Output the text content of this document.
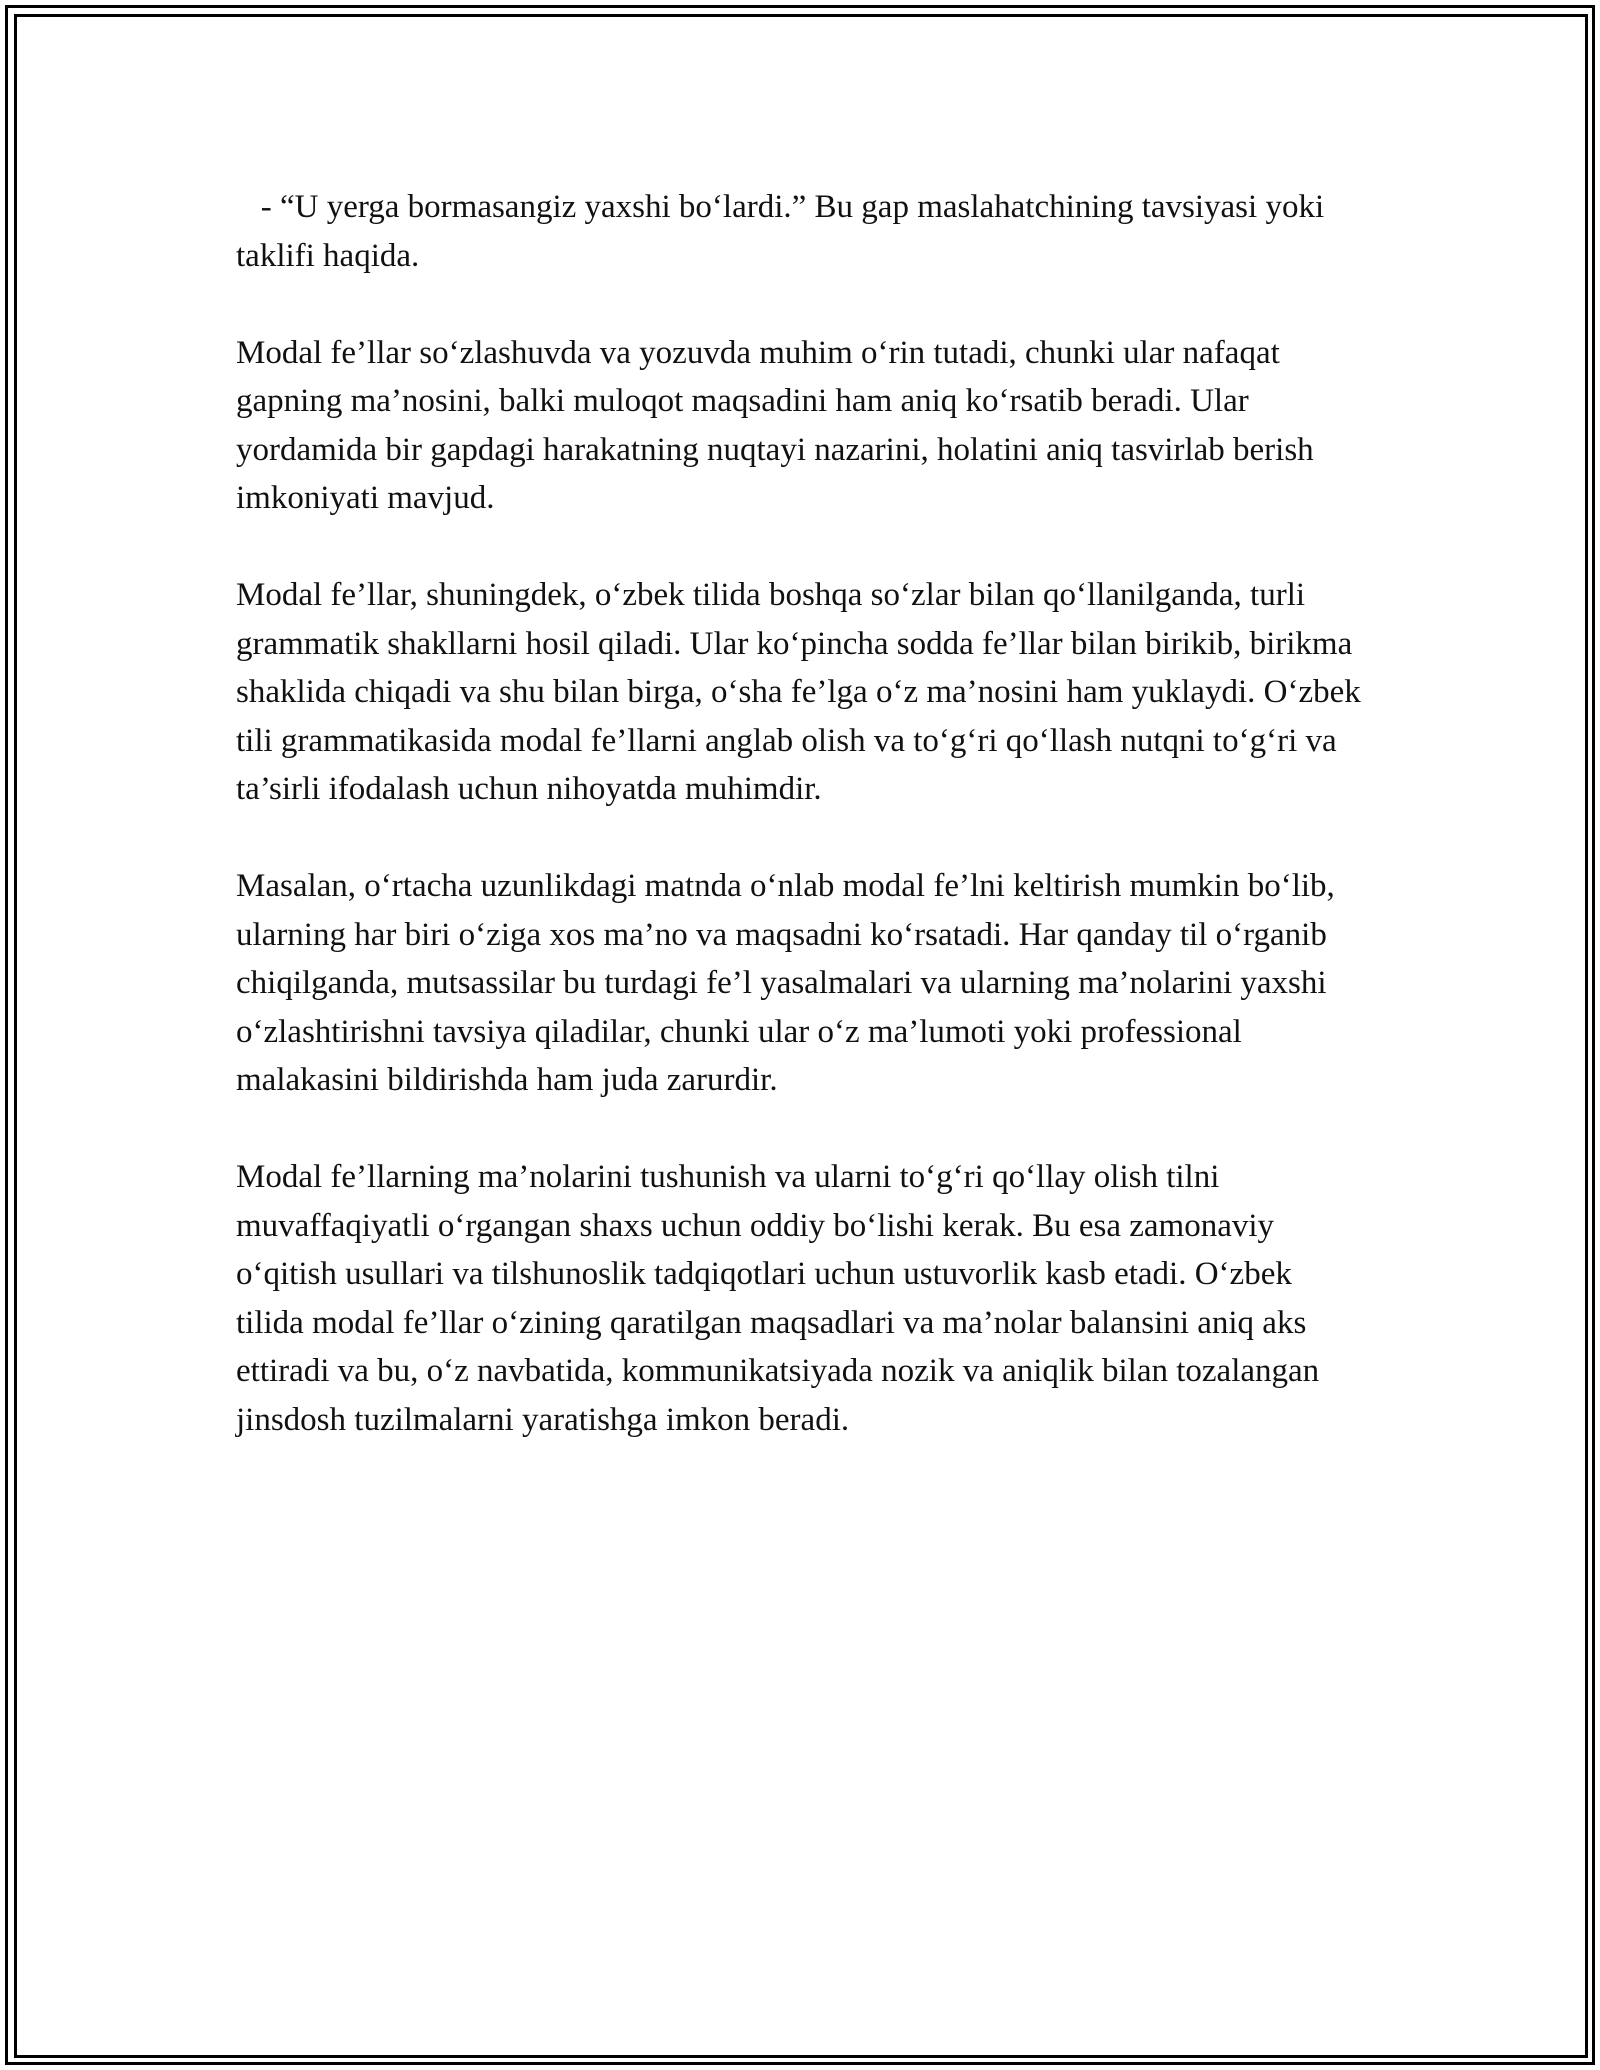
- “U yerga bormasangiz yaxshi bo‘lardi.” Bu gap maslahatchining tavsiyasi yoki taklifi haqida.

Modal fe’llar so‘zlashuvda va yozuvda muhim o‘rin tutadi, chunki ular nafaqat gapning ma’nosini, balki muloqot maqsadini ham aniq ko‘rsatib beradi. Ular yordamida bir gapdagi harakatning nuqtayi nazarini, holatini aniq tasvirlab berish imkoniyati mavjud.

Modal fe’llar, shuningdek, o‘zbek tilida boshqa so‘zlar bilan qo‘llanilganda, turli grammatik shakllarni hosil qiladi. Ular ko‘pincha sodda fe’llar bilan birikib, birikma shaklida chiqadi va shu bilan birga, o‘sha fe’lga o‘z ma’nosini ham yuklaydi. O‘zbek tili grammatikasida modal fe’llarni anglab olish va to‘g‘ri qo‘llash nutqni to‘g‘ri va ta’sirli ifodalash uchun nihoyatda muhimdir.

Masalan, o‘rtacha uzunlikdagi matnda o‘nlab modal fe’lni keltirish mumkin bo‘lib, ularning har biri o‘ziga xos ma’no va maqsadni ko‘rsatadi. Har qanday til o‘rganib chiqilganda, mutsassilar bu turdagi fe’l yasalmalari va ularning ma’nolarini yaxshi o‘zlashtirishni tavsiya qiladilar, chunki ular o‘z ma’lumoti yoki professional malakasini bildirishda ham juda zarurdir.

Modal fe’llarning ma’nolarini tushunish va ularni to‘g‘ri qo‘llay olish tilni muvaffaqiyatli o‘rgangan shaxs uchun oddiy bo‘lishi kerak. Bu esa zamonaviy o‘qitish usullari va tilshunoslik tadqiqotlari uchun ustuvorlik kasb etadi. O‘zbek tilida modal fe’llar o‘zining qaratilgan maqsadlari va ma’nolar balansini aniq aks ettiradi va bu, o‘z navbatida, kommunikatsiyada nozik va aniqlik bilan tozalangan jinsdosh tuzilmalarni yaratishga imkon beradi.
